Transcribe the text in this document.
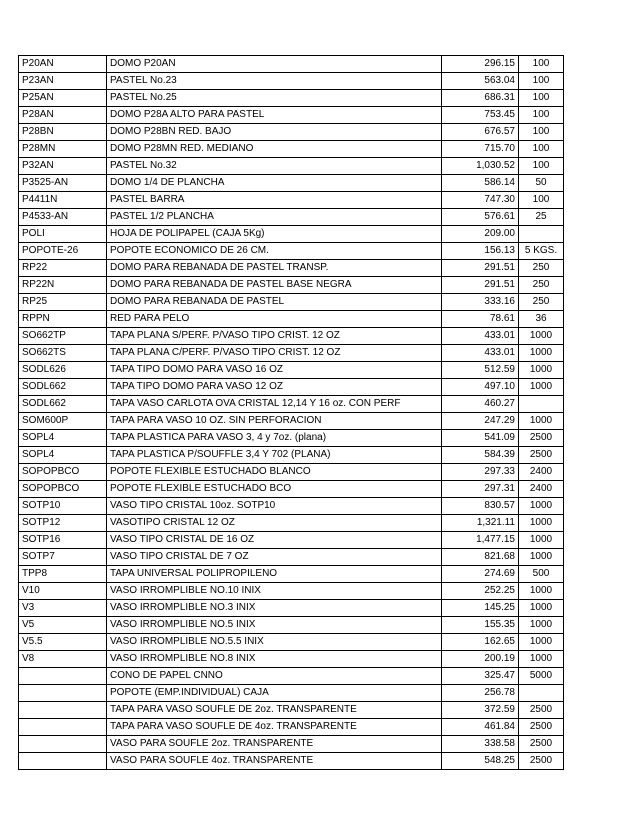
P20AN	DOMO P20AN	296.15	100
P23AN	PASTEL No.23	563.04	100
P25AN	PASTEL No.25	686.31	100
P28AN	DOMO P28A ALTO PARA PASTEL	753.45	100
P28BN	DOMO P28BN RED. BAJO	676.57	100
P28MN	DOMO P28MN RED. MEDIANO	715.70	100
P32AN	PASTEL No.32	1,030.52	100
P3525-AN	DOMO 1/4 DE PLANCHA	586.14	50
P4411N	PASTEL BARRA	747.30	100
P4533-AN	PASTEL 1/2 PLANCHA	576.61	25
POLI	HOJA DE POLIPAPEL (CAJA 5Kg)	209.00	
POPOTE-26	POPOTE ECONOMICO DE 26 CM.	156.13	5 KGS.
RP22	DOMO PARA REBANADA DE PASTEL TRANSP.	291.51	250
RP22N	DOMO PARA REBANADA DE PASTEL BASE NEGRA	291.51	250
RP25	DOMO PARA REBANADA DE PASTEL	333.16	250
RPPN	RED PARA PELO	78.61	36
SO662TP	TAPA PLANA S/PERF. P/VASO TIPO CRIST. 12 OZ	433.01	1000
SO662TS	TAPA PLANA C/PERF. P/VASO TIPO CRIST. 12 OZ	433.01	1000
SODL626	TAPA TIPO DOMO PARA VASO 16 OZ	512.59	1000
SODL662	TAPA TIPO DOMO PARA VASO 12 OZ	497.10	1000
SODL662	TAPA VASO CARLOTA OVA CRISTAL 12,14 Y 16 oz. CON PERF	460.27	
SOM600P	TAPA PARA VASO 10 OZ. SIN PERFORACION	247.29	1000
SOPL4	TAPA PLASTICA PARA VASO 3, 4 y 7oz. (plana)	541.09	2500
SOPL4	TAPA PLASTICA P/SOUFFLE 3,4 Y 702 (PLANA)	584.39	2500
SOPOPBCO	POPOTE FLEXIBLE ESTUCHADO BLANCO	297.33	2400
SOPOPBCO	POPOTE FLEXIBLE ESTUCHADO BCO	297.31	2400
SOTP10	VASO TIPO CRISTAL 10oz. SOTP10	830.57	1000
SOTP12	VASOTIPO CRISTAL 12 OZ	1,321.11	1000
SOTP16	VASO TIPO CRISTAL DE 16 OZ	1,477.15	1000
SOTP7	VASO TIPO CRISTAL DE 7 OZ	821.68	1000
TPP8	TAPA UNIVERSAL POLIPROPILENO	274.69	500
V10	VASO IRROMPLIBLE NO.10 INIX	252.25	1000
V3	VASO IRROMPLIBLE NO.3 INIX	145.25	1000
V5	VASO IRROMPLIBLE NO.5 INIX	155.35	1000
V5.5	VASO IRROMPLIBLE NO.5.5 INIX	162.65	1000
V8	VASO IRROMPLIBLE NO.8 INIX	200.19	1000
	CONO DE PAPEL CNNO	325.47	5000
	POPOTE (EMP.INDIVIDUAL) CAJA	256.78	
	TAPA PARA VASO SOUFLE DE 2oz. TRANSPARENTE	372.59	2500
	TAPA PARA VASO SOUFLE DE 4oz. TRANSPARENTE	461.84	2500
	VASO PARA SOUFLE 2oz. TRANSPARENTE	338.58	2500
	VASO PARA SOUFLE 4oz. TRANSPARENTE	548.25	2500
